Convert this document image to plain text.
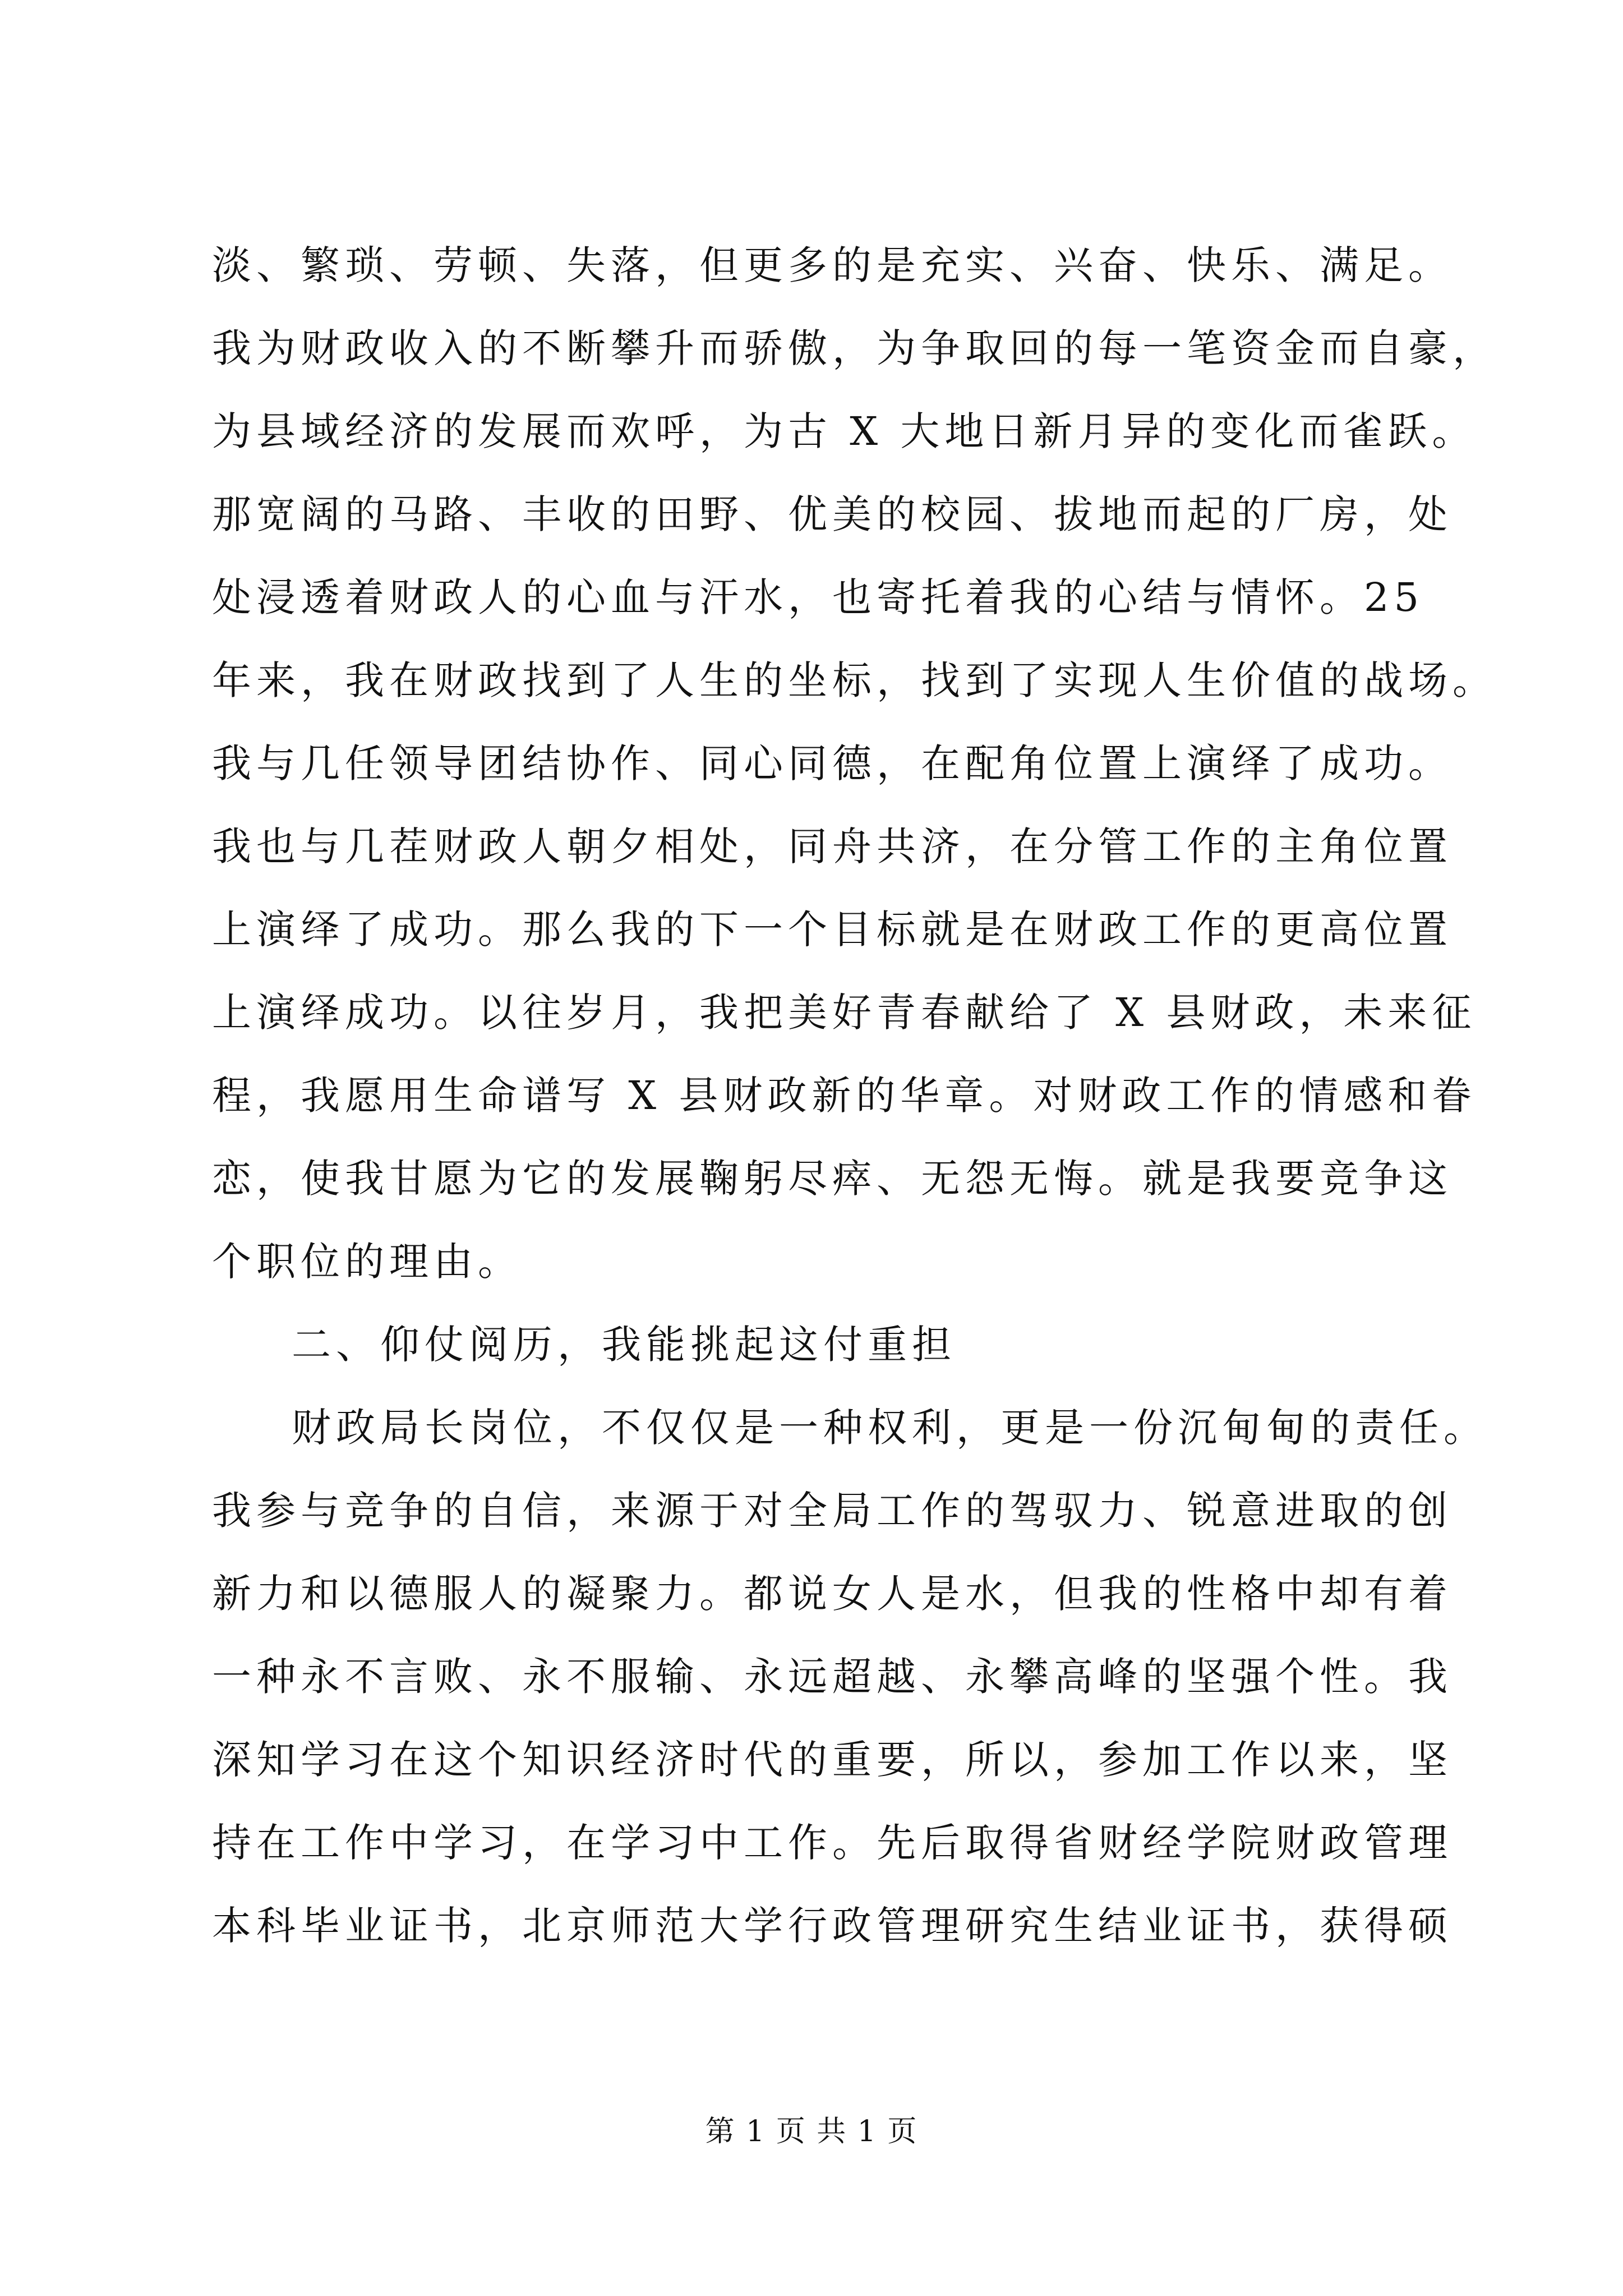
淡、繁琐、劳顿、失落，但更多的是充实、兴奋、快乐、满足。
我为财政收入的不断攀升而骄傲，为争取回的每一笔资金而自豪，
为县域经济的发展而欢呼，为古 X 大地日新月异的变化而雀跃。
那宽阔的马路、丰收的田野、优美的校园、拔地而起的厂房，处
处浸透着财政人的心血与汗水，也寄托着我的心结与情怀。25
年来，我在财政找到了人生的坐标，找到了实现人生价值的战场。
我与几任领导团结协作、同心同德，在配角位置上演绎了成功。
我也与几茬财政人朝夕相处，同舟共济，在分管工作的主角位置
上演绎了成功。那么我的下一个目标就是在财政工作的更高位置
上演绎成功。以往岁月，我把美好青春献给了 X 县财政，未来征
程，我愿用生命谱写 X 县财政新的华章。对财政工作的情感和眷
恋，使我甘愿为它的发展鞠躬尽瘁、无怨无悔。就是我要竞争这
个职位的理由。
二、仰仗阅历，我能挑起这付重担
财政局长岗位，不仅仅是一种权利，更是一份沉甸甸的责任。
我参与竞争的自信，来源于对全局工作的驾驭力、锐意进取的创
新力和以德服人的凝聚力。都说女人是水，但我的性格中却有着
一种永不言败、永不服输、永远超越、永攀高峰的坚强个性。我
深知学习在这个知识经济时代的重要，所以，参加工作以来，坚
持在工作中学习，在学习中工作。先后取得省财经学院财政管理
本科毕业证书，北京师范大学行政管理研究生结业证书，获得硕
第 1 页 共 1 页
